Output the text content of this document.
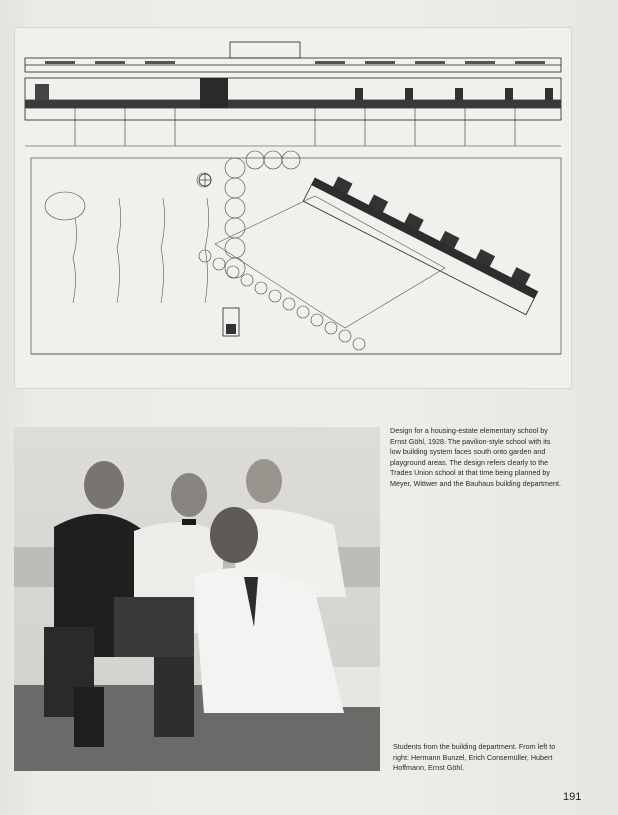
Design for a housing-estate elementary school by Ernst Göhl, 1928. The pavilion-style school with its low building system faces south onto garden and playground areas. The design refers clearly to the Trades Union school at that time being planned by Meyer, Wittwer and the Bauhaus building department.
Students from the building department. From left to right: Hermann Bunzel, Erich Consemüller, Hubert Hoffmann, Ernst Göhl.
191
